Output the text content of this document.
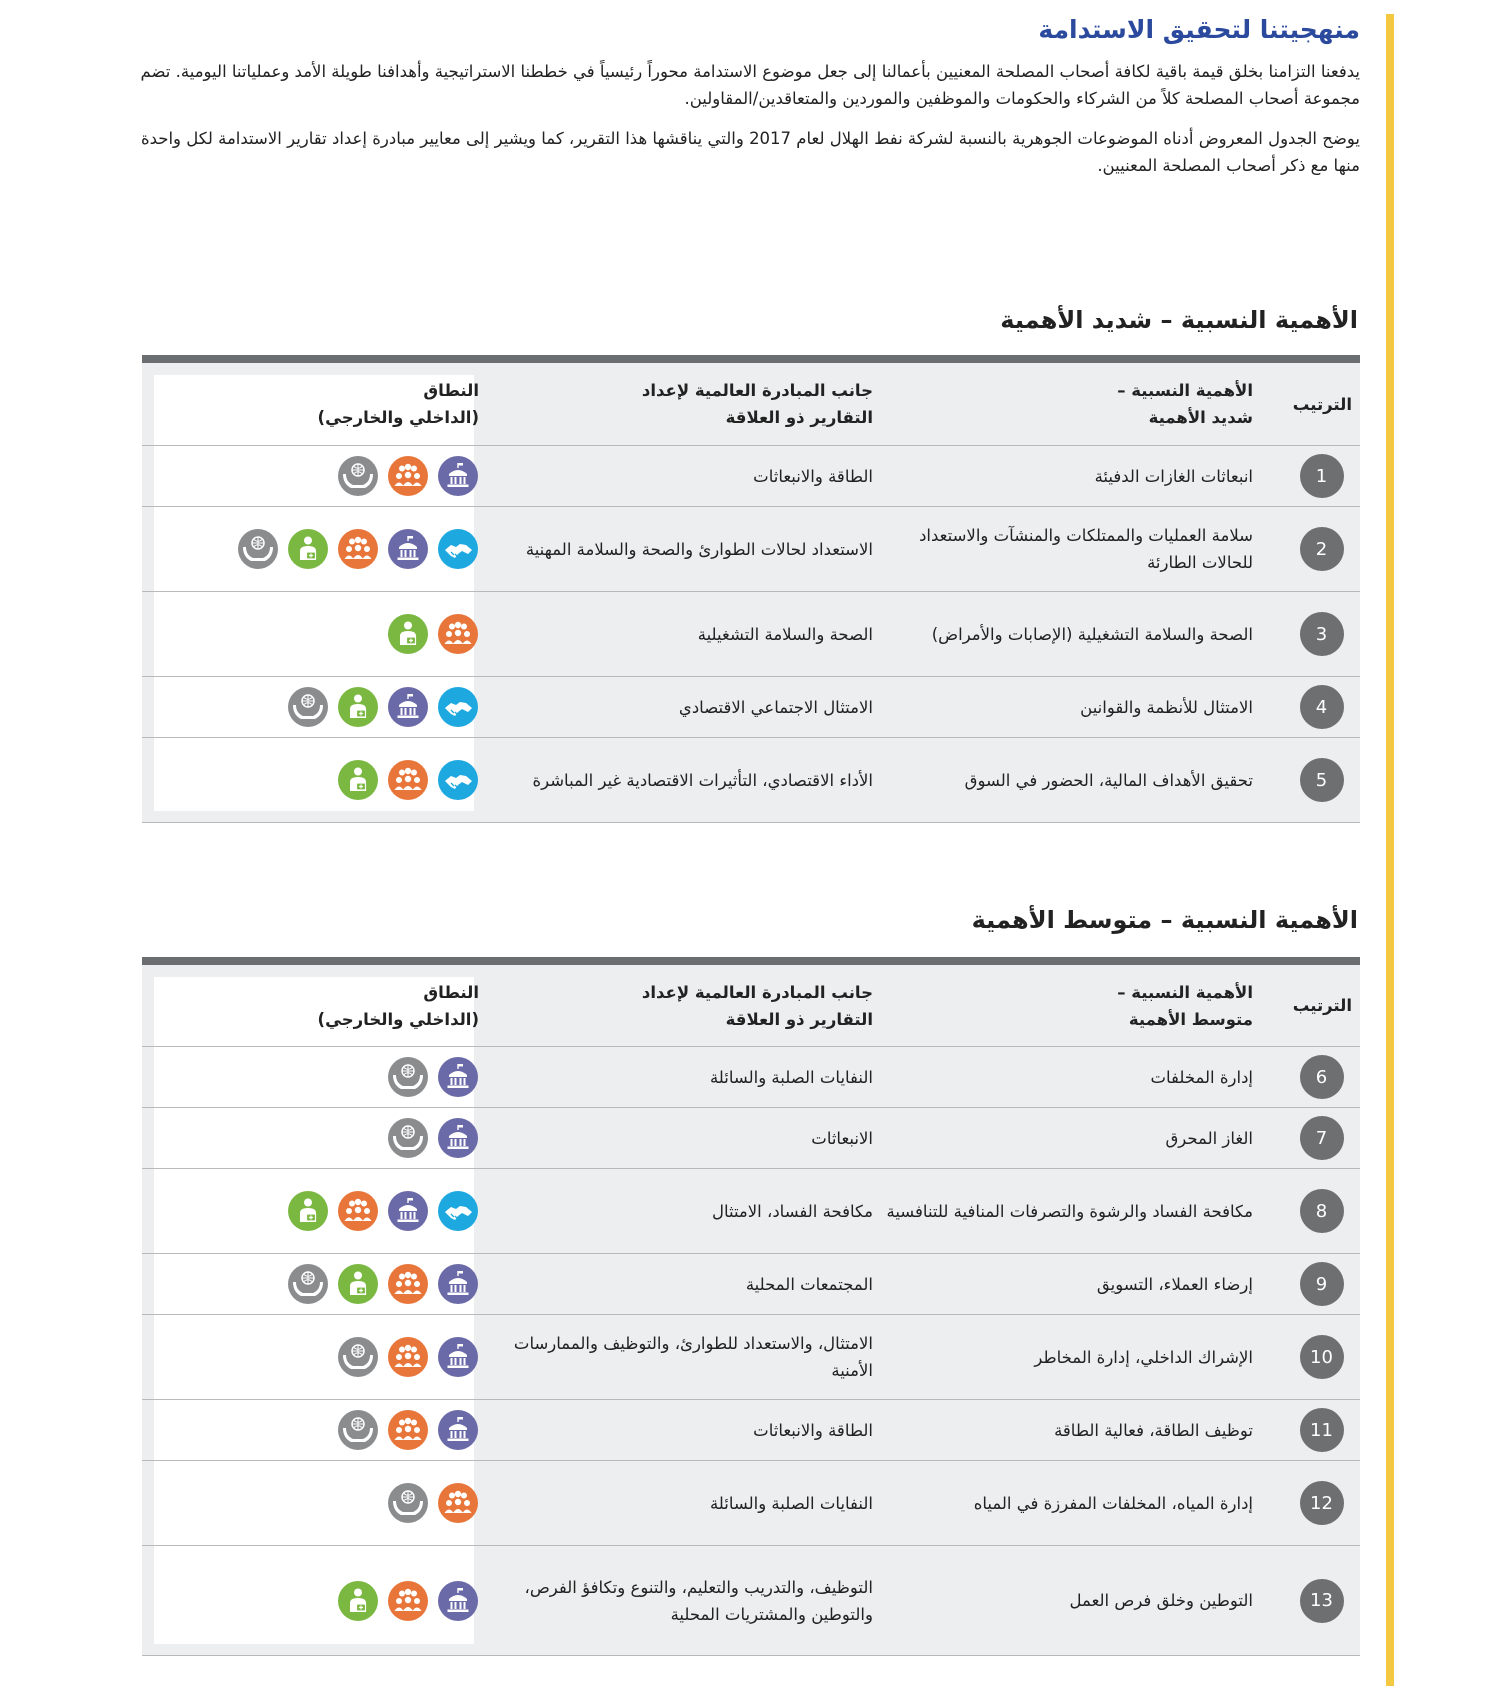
منهجيتنا لتحقيق الاستدامة

يدفعنا التزامنا بخلق قيمة باقية لكافة أصحاب المصلحة المعنيين بأعمالنا إلى جعل موضوع الاستدامة محوراً رئيسياً في خططنا الاستراتيجية وأهدافنا طويلة الأمد وعملياتنا اليومية. تضم مجموعة أصحاب المصلحة كلاً من الشركاء والحكومات والموظفين والموردين والمتعاقدين/المقاولين.

يوضح الجدول المعروض أدناه الموضوعات الجوهرية بالنسبة لشركة نفط الهلال لعام 2017 والتي يناقشها هذا التقرير، كما ويشير إلى معايير مبادرة إعداد تقارير الاستدامة لكل واحدة منها مع ذكر أصحاب المصلحة المعنيين.

الأهمية النسبية – شديد الأهمية
الترتيب
الأهمية النسبية –
شديد الأهمية
جانب المبادرة العالمية لإعداد
التقارير ذو العلاقة
النطاق
(الداخلي والخارجي)
1
انبعاثات الغازات الدفيئة
الطاقة والانبعاثات
2
سلامة العمليات والممتلكات والمنشآت والاستعداد للحالات الطارئة
الاستعداد لحالات الطوارئ والصحة والسلامة المهنية
3
الصحة والسلامة التشغيلية (الإصابات والأمراض)
الصحة والسلامة التشغيلية
4
الامتثال للأنظمة والقوانين
الامتثال الاجتماعي الاقتصادي
5
تحقيق الأهداف المالية، الحضور في السوق
الأداء الاقتصادي، التأثيرات الاقتصادية غير المباشرة
الأهمية النسبية – متوسط الأهمية
الترتيب
الأهمية النسبية –
متوسط الأهمية
جانب المبادرة العالمية لإعداد
التقارير ذو العلاقة
النطاق
(الداخلي والخارجي)
6
إدارة المخلفات
النفايات الصلبة والسائلة
7
الغاز المحرق
الانبعاثات
8
مكافحة الفساد والرشوة والتصرفات المنافية للتنافسية
مكافحة الفساد، الامتثال
9
إرضاء العملاء، التسويق
المجتمعات المحلية
10
الإشراك الداخلي، إدارة المخاطر
الامتثال، والاستعداد للطوارئ، والتوظيف والممارسات الأمنية
11
توظيف الطاقة، فعالية الطاقة
الطاقة والانبعاثات
12
إدارة المياه، المخلفات المفرزة في المياه
النفايات الصلبة والسائلة
13
التوطين وخلق فرص العمل
التوظيف، والتدريب والتعليم، والتنوع وتكافؤ الفرص، والتوطين والمشتريات المحلية
